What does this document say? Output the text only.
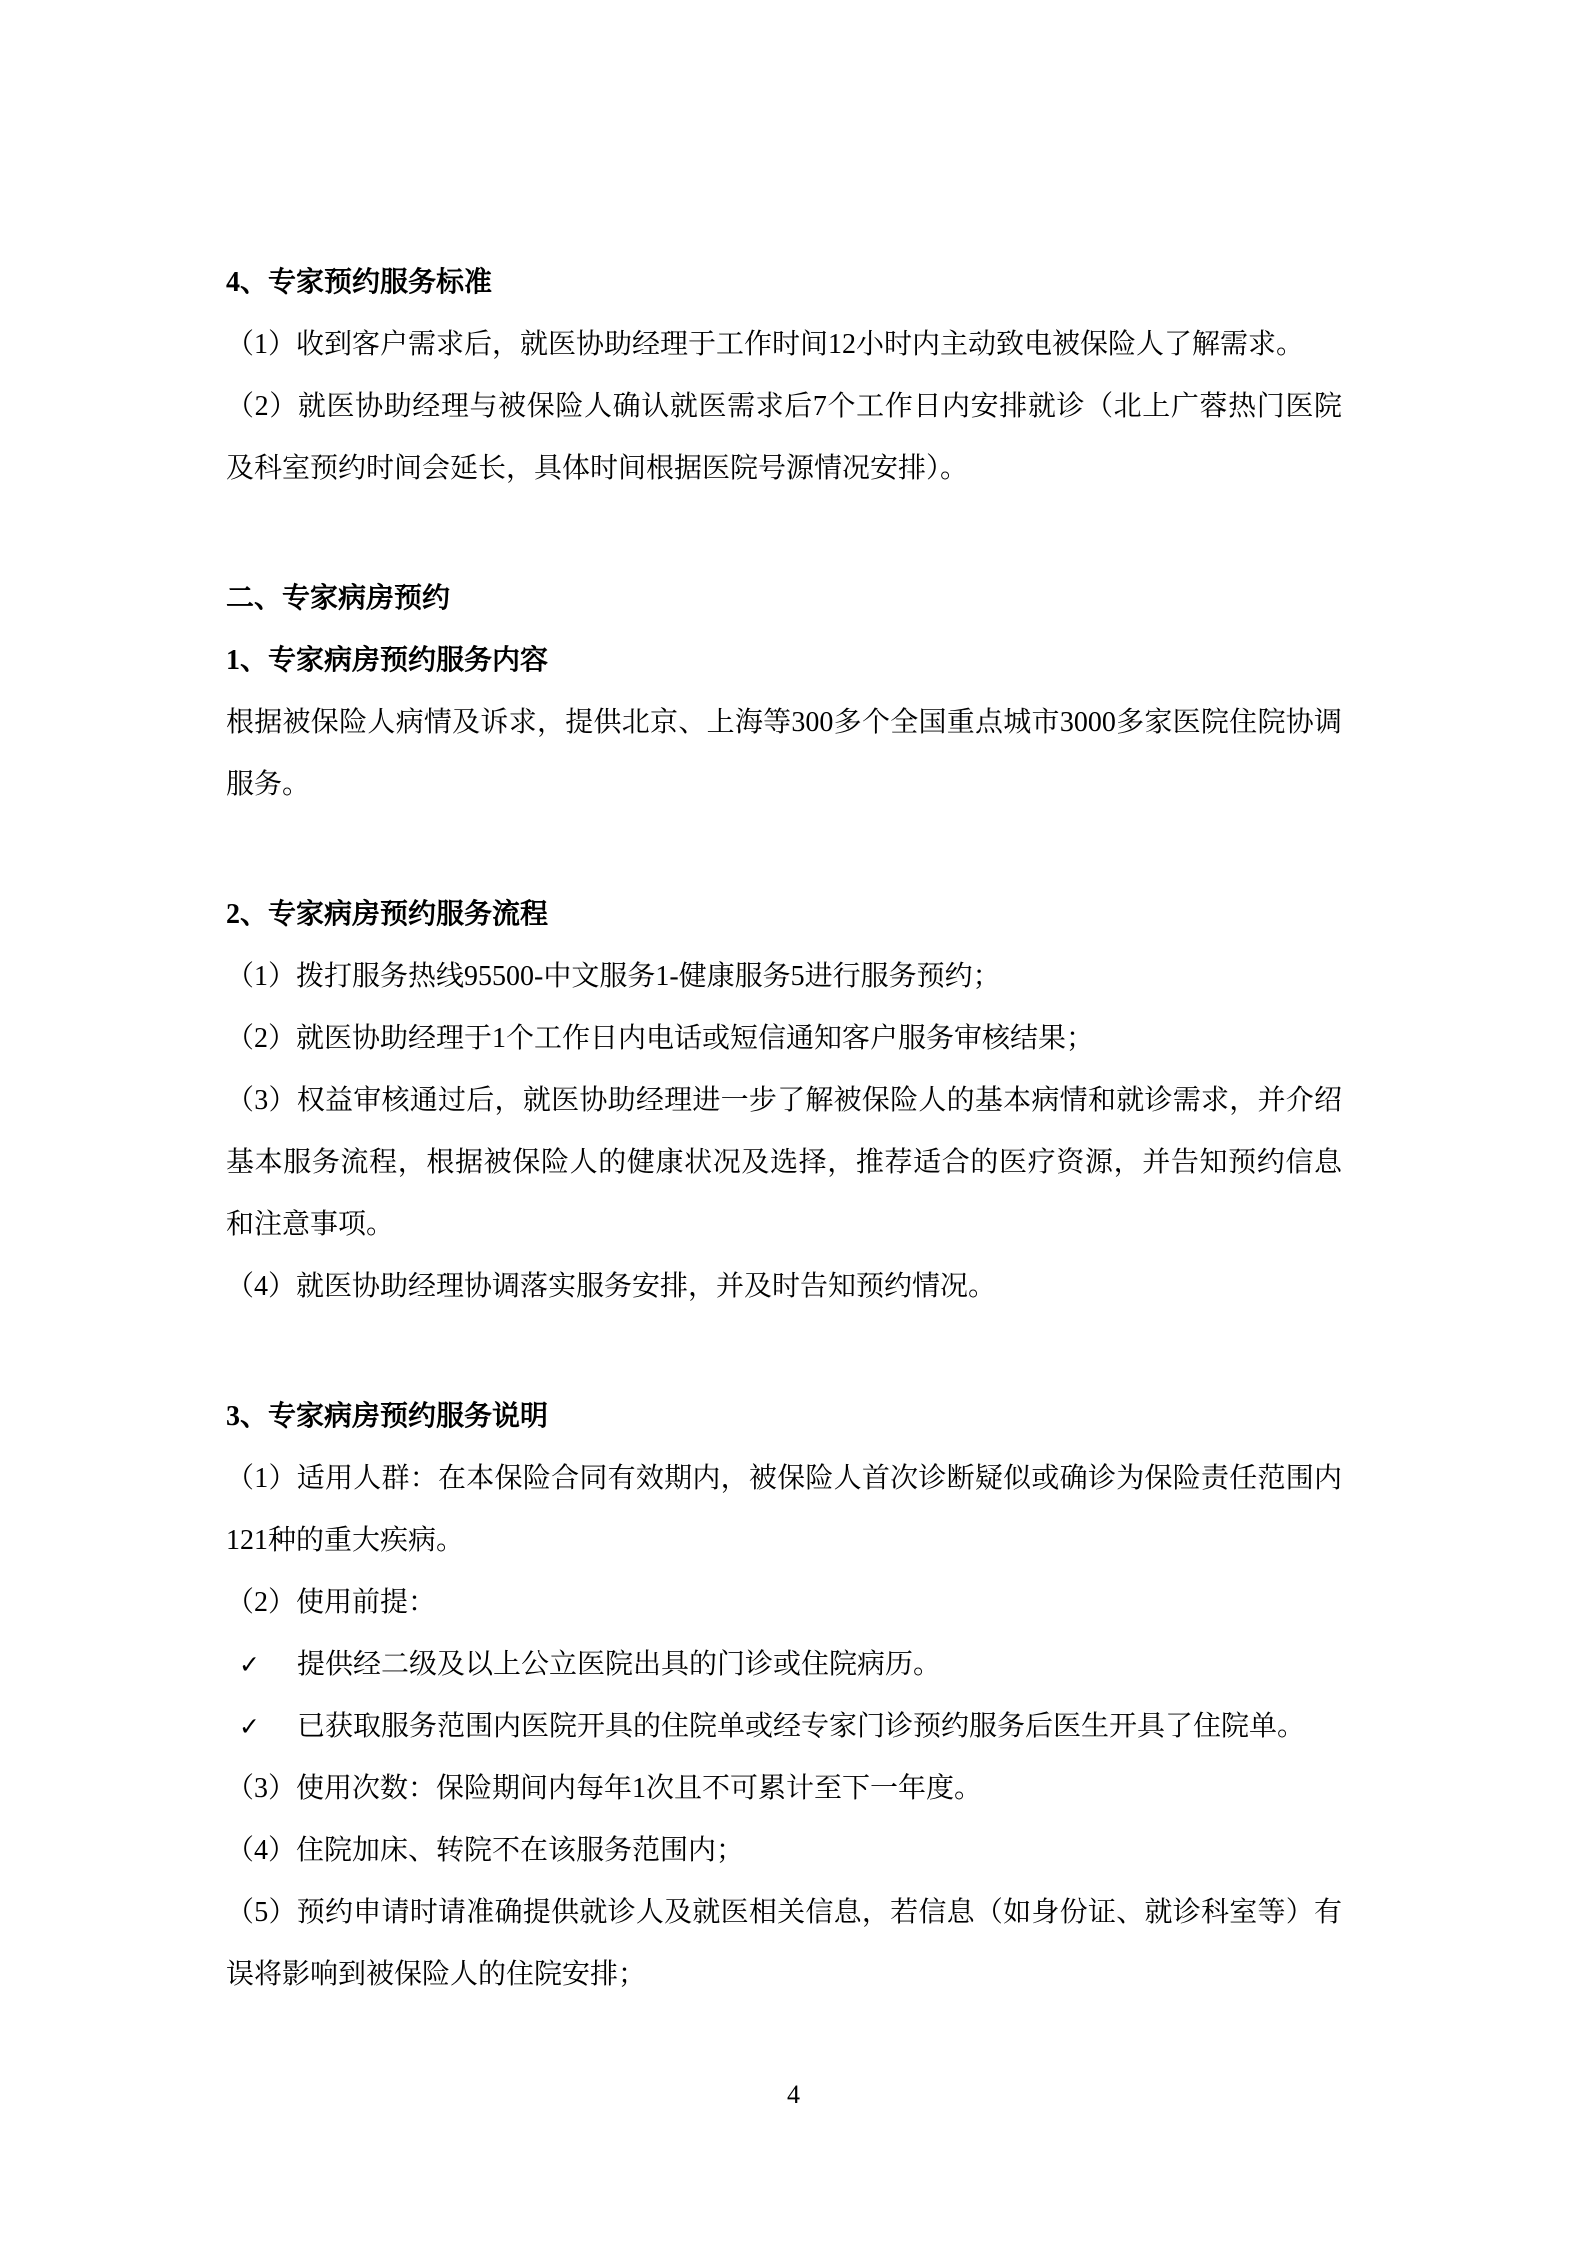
4、专家预约服务标准

（1）收到客户需求后，就医协助经理于工作时间12小时内主动致电被保险人了解需求。

（2）就医协助经理与被保险人确认就医需求后7个工作日内安排就诊（北上广蓉热门医院及科室预约时间会延长，具体时间根据医院号源情况安排）。

二、专家病房预约
1、专家病房预约服务内容

根据被保险人病情及诉求，提供北京、上海等300多个全国重点城市3000多家医院住院协调服务。

2、专家病房预约服务流程

（1）拨打服务热线95500-中文服务1-健康服务5进行服务预约；

（2）就医协助经理于1个工作日内电话或短信通知客户服务审核结果；

（3）权益审核通过后，就医协助经理进一步了解被保险人的基本病情和就诊需求，并介绍基本服务流程，根据被保险人的健康状况及选择，推荐适合的医疗资源，并告知预约信息和注意事项。

（4）就医协助经理协调落实服务安排，并及时告知预约情况。

3、专家病房预约服务说明

（1）适用人群：在本保险合同有效期内，被保险人首次诊断疑似或确诊为保险责任范围内121种的重大疾病。

（2）使用前提：

✓	提供经二级及以上公立医院出具的门诊或住院病历。
✓	已获取服务范围内医院开具的住院单或经专家门诊预约服务后医生开具了住院单。

（3）使用次数：保险期间内每年1次且不可累计至下一年度。

（4）住院加床、转院不在该服务范围内；

（5）预约申请时请准确提供就诊人及就医相关信息，若信息（如身份证、就诊科室等）有误将影响到被保险人的住院安排；

4
